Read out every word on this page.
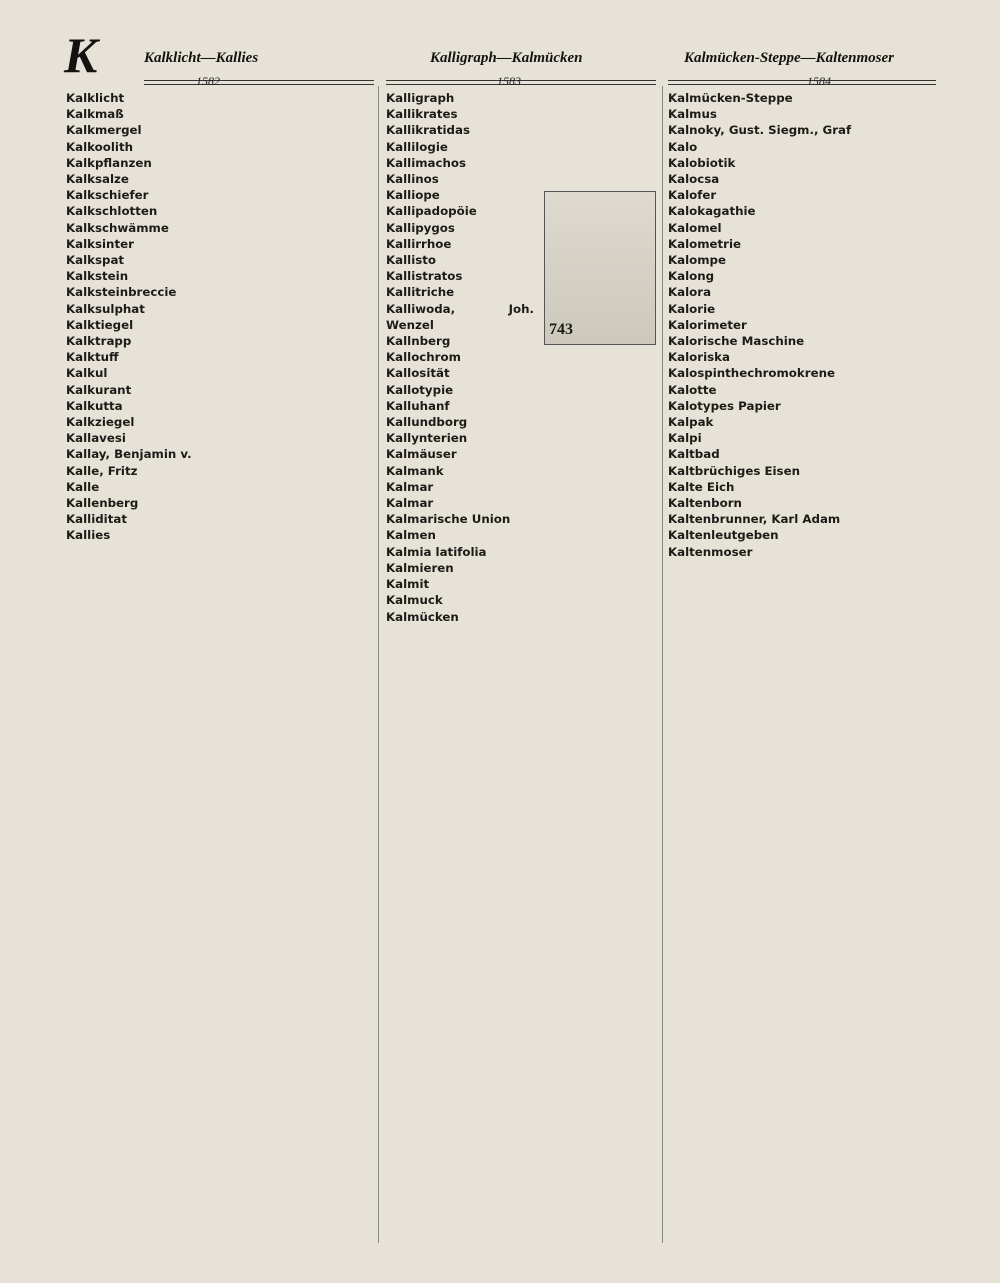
K	Kalklicht—Kallies	Kalligraph—Kalmücken	Kalmücken-Steppe—Kaltenmoser
1582	1583	1584

Kalklicht

Kalkmaß

Kalkmergel

Kalkoolith

Kalkpflanzen

Kalksalze

Kalkschiefer

Kalkschlotten

Kalkschwämme

Kalksinter

Kalkspat

Kalkstein

Kalksteinbreccie

Kalksulphat

Kalktiegel

Kalktrapp

Kalktuff

Kalkul

Kalkurant

Kalkutta

Kalkziegel

Kallavesi

Kallay, Benjamin v.

Kalle, Fritz

Kalle

Kallenberg

Kalliditat

Kallies

Kalligraph

Kallikrates

Kallikratidas

Kallilogie

Kallimachos

Kallinos

743

Kalliope

Kallipadopöie

Kallipygos

Kallirrhoe

Kallisto

Kallistratos

Kallitriche

Kalliwoda, Joh. Wenzel

Kallnberg

Kallochrom

Kallosität

Kallotypie

Kalluhanf

Kallundborg

Kallynterien

Kalmäuser

Kalmank

Kalmar

Kalmar

Kalmarische Union

Kalmen

Kalmia latifolia

Kalmieren

Kalmit

Kalmuck

Kalmücken

Kalmücken-Steppe

Kalmus

Kalnoky, Gust. Siegm., Graf

Kalo

Kalobiotik

Kalocsa

Kalofer

Kalokagathie

Kalomel

Kalometrie

Kalompe

Kalong

Kalora

Kalorie

Kalorimeter

Kalorische Maschine

Kaloriska

Kalospinthechromokrene

Kalotte

Kalotypes Papier

Kalpak

Kalpi

Kaltbad

Kaltbrüchiges Eisen

Kalte Eich

Kaltenborn

Kaltenbrunner, Karl Adam

Kaltenleutgeben

Kaltenmoser
